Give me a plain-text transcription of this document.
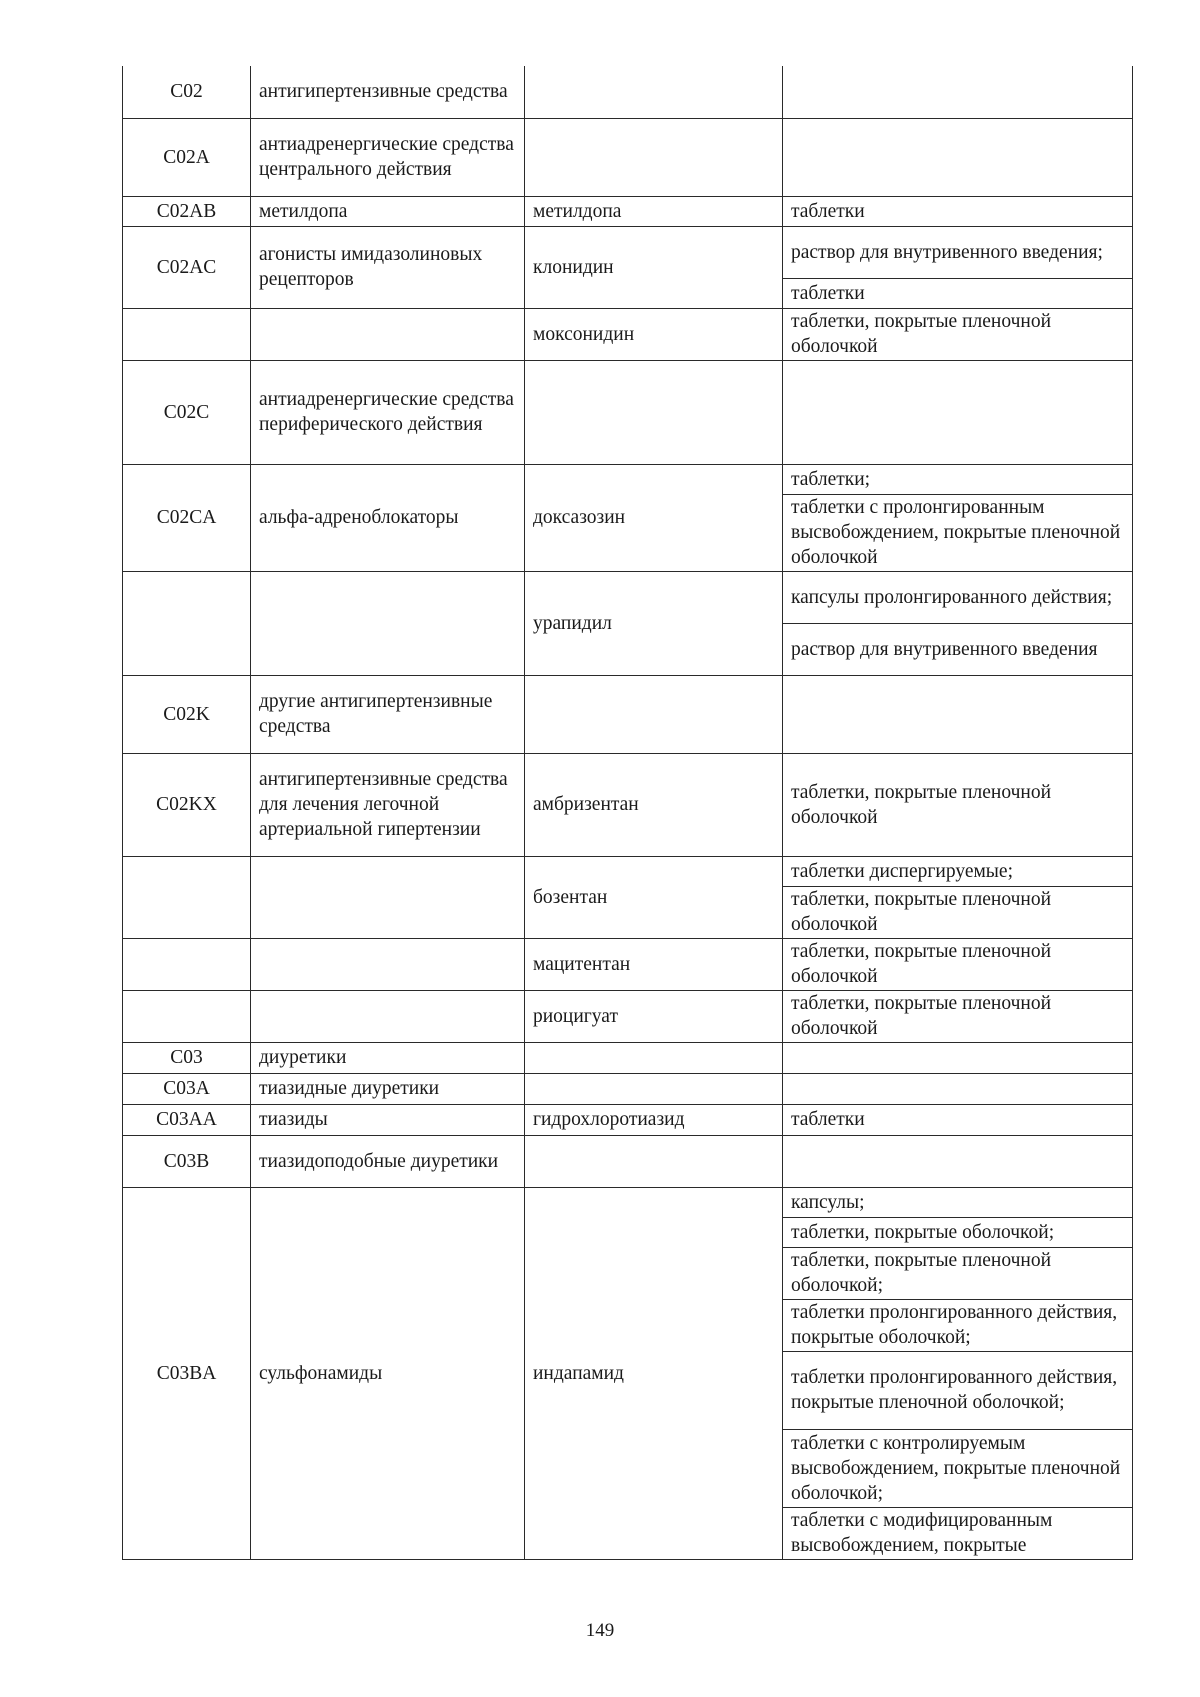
C02	антигипертензивные средства		
C02A	антиадренергические средства центрального действия		
C02AB	метилдопа	метилдопа	таблетки
C02AC	агонисты имидазолиновых рецепторов	клонидин	раствор для внутривенного введения;
			таблетки
		моксонидин	таблетки, покрытые пленочной оболочкой
C02C	антиадренергические средства периферического действия		
C02CA	альфа-адреноблокаторы	доксазозин	таблетки;
			таблетки с пролонгированным высвобождением, покрытые пленочной оболочкой
		урапидил	капсулы пролонгированного действия;
			раствор для внутривенного введения
C02K	другие антигипертензивные средства		
C02KX	антигипертензивные средства для лечения легочной артериальной гипертензии	амбризентан	таблетки, покрытые пленочной оболочкой
		бозентан	таблетки диспергируемые;
			таблетки, покрытые пленочной оболочкой
		мацитентан	таблетки, покрытые пленочной оболочкой
		риоцигуат	таблетки, покрытые пленочной оболочкой
C03	диуретики		
C03A	тиазидные диуретики		
C03AA	тиазиды	гидрохлоротиазид	таблетки
C03B	тиазидоподобные диуретики		
C03BA	сульфонамиды	индапамид	капсулы;
			таблетки, покрытые оболочкой;
			таблетки, покрытые пленочной оболочкой;
			таблетки пролонгированного действия, покрытые оболочкой;
			таблетки пролонгированного действия, покрытые пленочной оболочкой;
			таблетки с контролируемым высвобождением, покрытые пленочной оболочкой;
			таблетки с модифицированным высвобождением, покрытые
149
